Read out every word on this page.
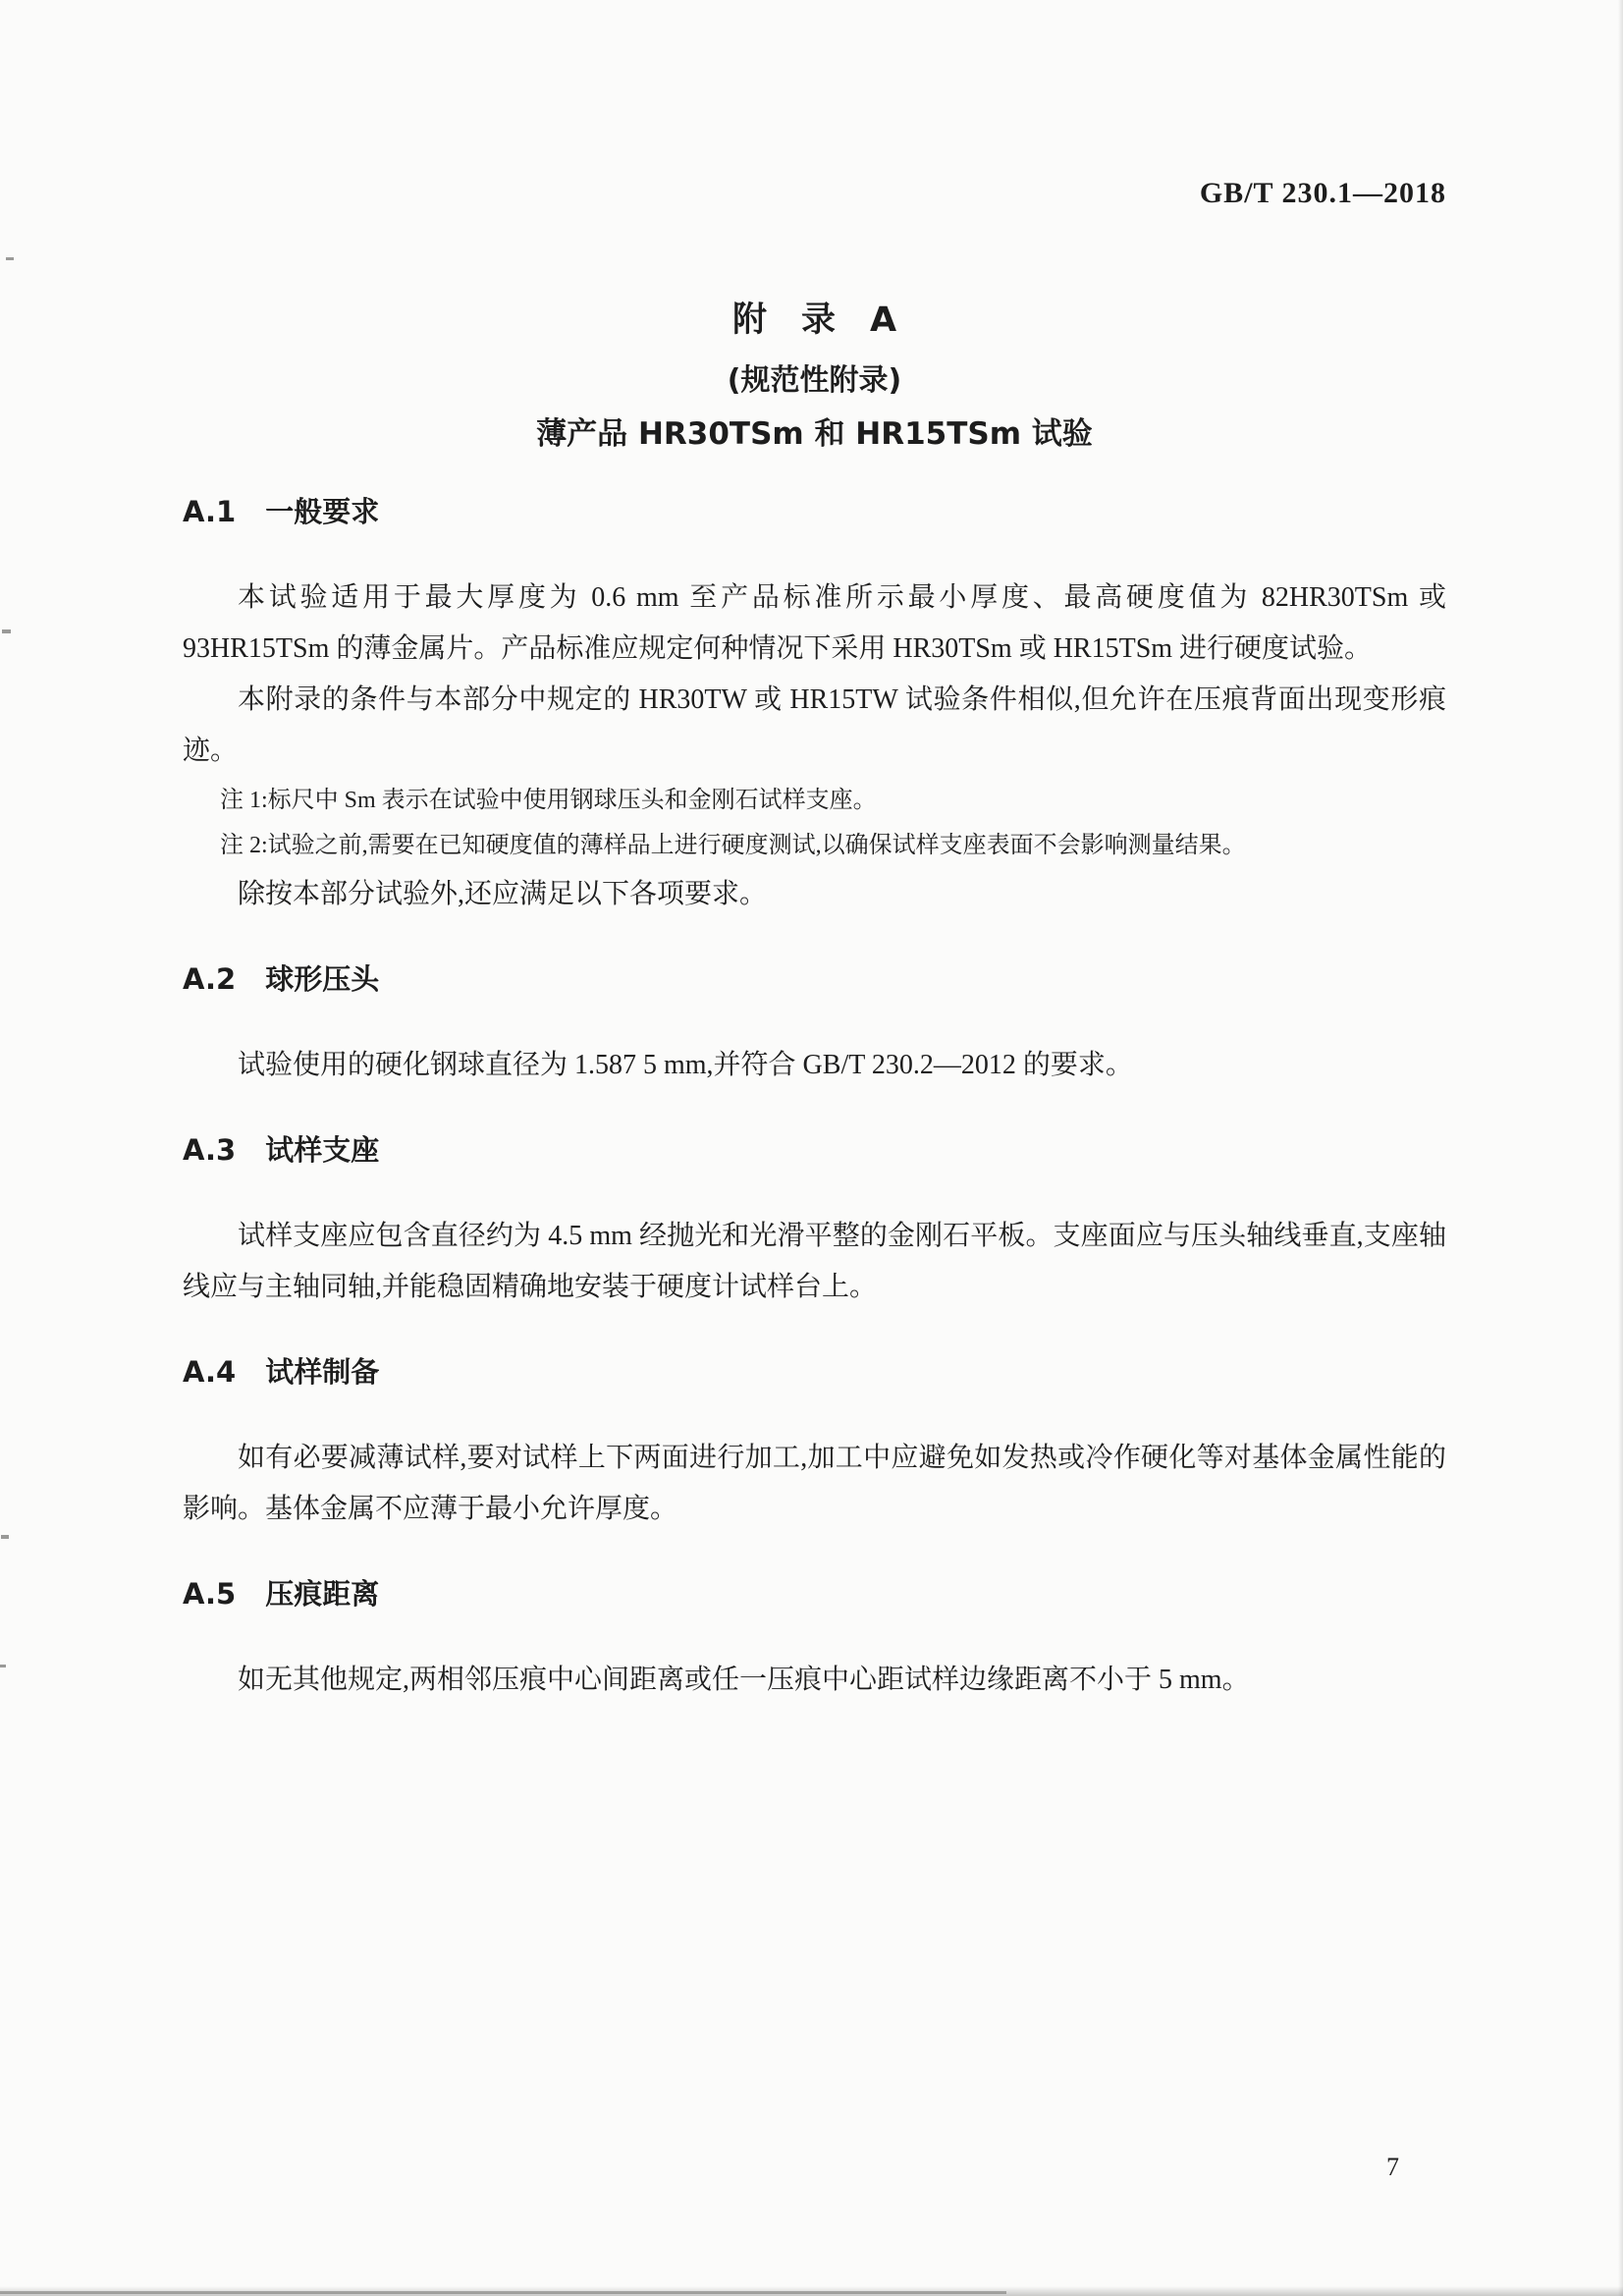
GB/T 230.1—2018
附　录　A
(规范性附录)
薄产品 HR30TSm 和 HR15TSm 试验
A.1 一般要求

本试验适用于最大厚度为 0.6 mm 至产品标准所示最小厚度、最高硬度值为 82HR30TSm 或 93HR15TSm 的薄金属片。产品标准应规定何种情况下采用 HR30TSm 或 HR15TSm 进行硬度试验。

本附录的条件与本部分中规定的 HR30TW 或 HR15TW 试验条件相似,但允许在压痕背面出现变形痕迹。

注 1:标尺中 Sm 表示在试验中使用钢球压头和金刚石试样支座。

注 2:试验之前,需要在已知硬度值的薄样品上进行硬度测试,以确保试样支座表面不会影响测量结果。

除按本部分试验外,还应满足以下各项要求。

A.2 球形压头

试验使用的硬化钢球直径为 1.587 5 mm,并符合 GB/T 230.2—2012 的要求。

A.3 试样支座

试样支座应包含直径约为 4.5 mm 经抛光和光滑平整的金刚石平板。支座面应与压头轴线垂直,支座轴线应与主轴同轴,并能稳固精确地安装于硬度计试样台上。

A.4 试样制备

如有必要减薄试样,要对试样上下两面进行加工,加工中应避免如发热或冷作硬化等对基体金属性能的影响。基体金属不应薄于最小允许厚度。

A.5 压痕距离

如无其他规定,两相邻压痕中心间距离或任一压痕中心距试样边缘距离不小于 5 mm。

7
